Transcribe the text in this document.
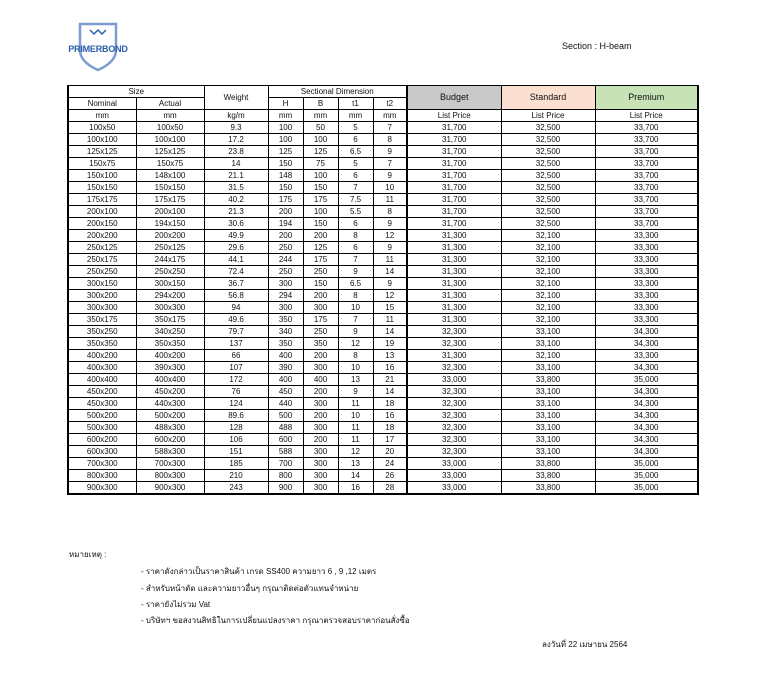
PRIMERBOND	Section : H-beam
Size		Weight	Sectional Dimension				Budget	Standard	Premium
Nominal	Actual		H	B	t1	t2			
mm	mm	kg/m	mm	mm	mm	mm	List Price	List Price	List Price
100x50	100x50	9.3	100	50	5	7	31,700	32,500	33,700
100x100	100x100	17.2	100	100	6	8	31,700	32,500	33,700
125x125	125x125	23.8	125	125	6.5	9	31,700	32,500	33,700
150x75	150x75	14	150	75	5	7	31,700	32,500	33,700
150x100	148x100	21.1	148	100	6	9	31,700	32,500	33,700
150x150	150x150	31.5	150	150	7	10	31,700	32,500	33,700
175x175	175x175	40.2	175	175	7.5	11	31,700	32,500	33,700
200x100	200x100	21.3	200	100	5.5	8	31,700	32,500	33,700
200x150	194x150	30.6	194	150	6	9	31,700	32,500	33,700
200x200	200x200	49.9	200	200	8	12	31,300	32,100	33,300
250x125	250x125	29.6	250	125	6	9	31,300	32,100	33,300
250x175	244x175	44.1	244	175	7	11	31,300	32,100	33,300
250x250	250x250	72.4	250	250	9	14	31,300	32,100	33,300
300x150	300x150	36.7	300	150	6.5	9	31,300	32,100	33,300
300x200	294x200	56.8	294	200	8	12	31,300	32,100	33,300
300x300	300x300	94	300	300	10	15	31,300	32,100	33,300
350x175	350x175	49.6	350	175	7	11	31,300	32,100	33,300
350x250	340x250	79.7	340	250	9	14	32,300	33,100	34,300
350x350	350x350	137	350	350	12	19	32,300	33,100	34,300
400x200	400x200	66	400	200	8	13	31,300	32,100	33,300
400x300	390x300	107	390	300	10	16	32,300	33,100	34,300
400x400	400x400	172	400	400	13	21	33,000	33,800	35,000
450x200	450x200	76	450	200	9	14	32,300	33,100	34,300
450x300	440x300	124	440	300	11	18	32,300	33,100	34,300
500x200	500x200	89.6	500	200	10	16	32,300	33,100	34,300
500x300	488x300	128	488	300	11	18	32,300	33,100	34,300
600x200	600x200	106	600	200	11	17	32,300	33,100	34,300
600x300	588x300	151	588	300	12	20	32,300	33,100	34,300
700x300	700x300	185	700	300	13	24	33,000	33,800	35,000
800x300	800x300	210	800	300	14	26	33,000	33,800	35,000
900x300	900x300	243	900	300	16	28	33,000	33,800	35,000
หมายเหตุ :
- ราคาดังกล่าวเป็นราคาสินค้า เกรด SS400 ความยาว 6 , 9 ,12 เมตร
- สำหรับหน้าตัด และความยาวอื่นๆ กรุณาติดต่อตัวแทนจำหน่าย
- ราคายังไม่รวม Vat
- บริษัทฯ ขอสงวนสิทธิในการเปลี่ยนแปลงราคา กรุณาตรวจสอบราคาก่อนสั่งซื้อ
ลงวันที่ 22 เมษายน 2564
